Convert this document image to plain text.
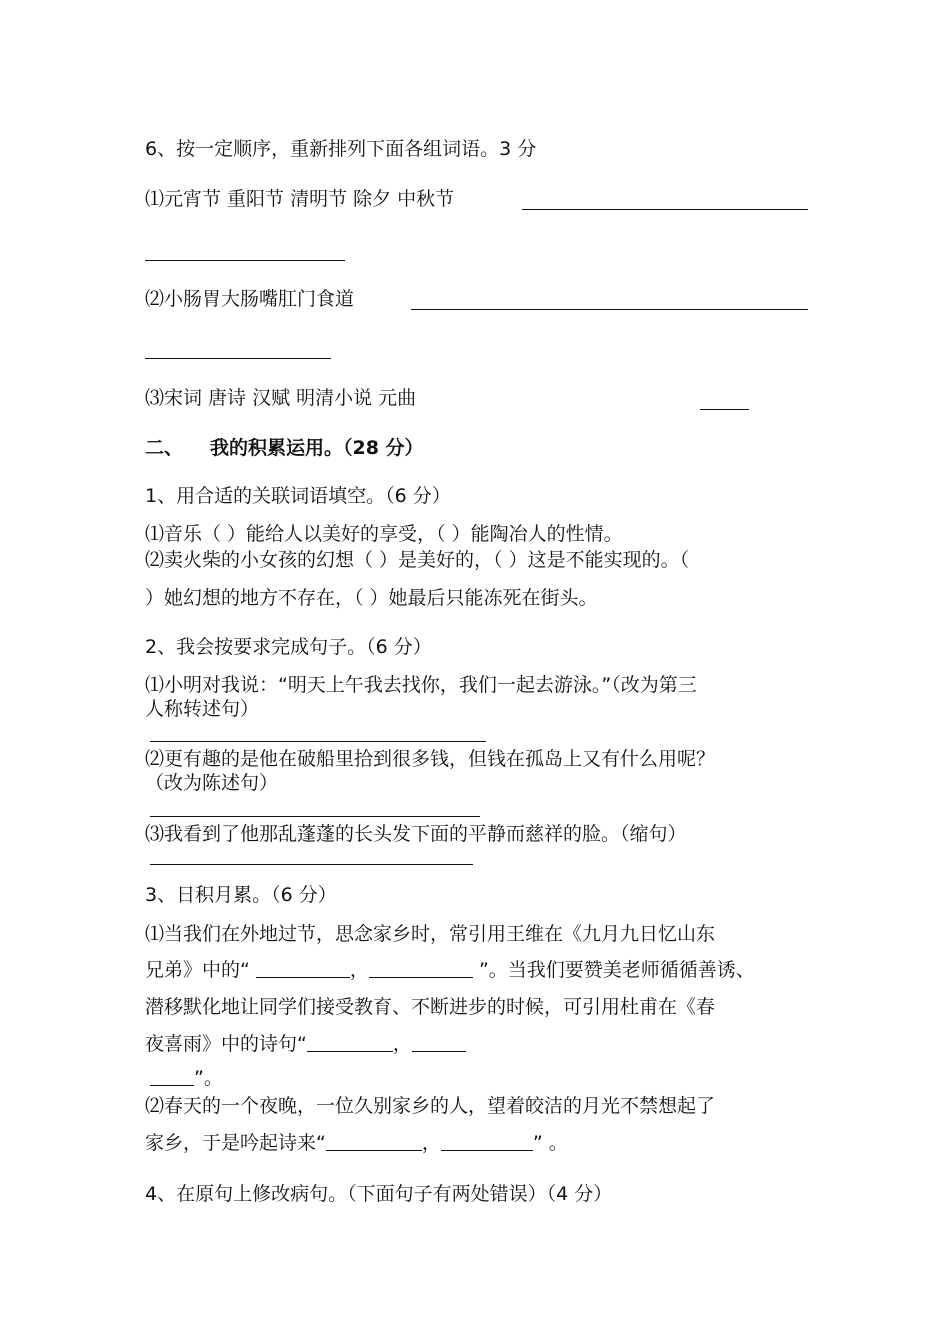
6、按一定顺序，重新排列下面各组词语。3 分
⑴元宵节 重阳节 清明节 除夕 中秋节
⑵小肠胃大肠嘴肛门食道
⑶宋词 唐诗 汉赋 明清小说 元曲
二、 我的积累运用。（28 分）
1、用合适的关联词语填空。（6 分）
⑴音乐（ ）能给人以美好的享受，（ ）能陶冶人的性情。
⑵卖火柴的小女孩的幻想（ ）是美好的，（ ）这是不能实现的。（
）她幻想的地方不存在，（ ）她最后只能冻死在街头。
2、我会按要求完成句子。（6 分）
⑴小明对我说：“明天上午我去找你，我们一起去游泳。”（改为第三
人称转述句）
⑵更有趣的是他在破船里拾到很多钱，但钱在孤岛上又有什么用呢？
（改为陈述句）
⑶我看到了他那乱蓬蓬的长头发下面的平静而慈祥的脸。（缩句）
3、日积月累。（6 分）
⑴当我们在外地过节，思念家乡时，常引用王维在《九月九日忆山东
兄弟》中的“	，	”。当我们要赞美老师循循善诱、
潜移默化地让同学们接受教育、不断进步的时候，可引用杜甫在《春
夜喜雨》中的诗句“	，
”。
⑵春天的一个夜晚，一位久别家乡的人，望着皎洁的月光不禁想起了
家乡，于是吟起诗来“	，	” 。
4、在原句上修改病句。（下面句子有两处错误）（4 分）
